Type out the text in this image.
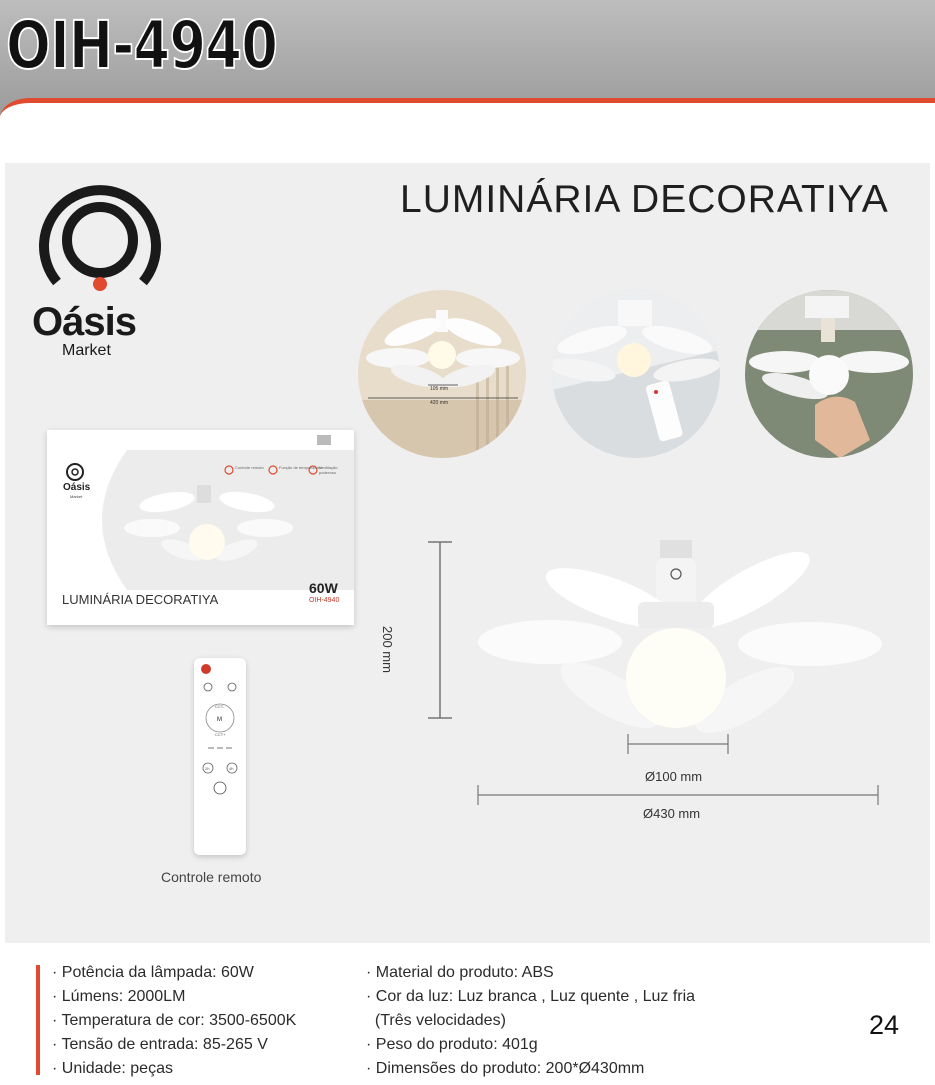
OIH-4940
LUMINÁRIA DECORATIYA
Oásis
Market
105 mm
420 mm
Oásis
Market
Controle remoto	Função de temporizador
Ventilação poderosa
LUMINÁRIA DECORATIYA
60W
OIH-4940
CCT-
M
CCT+
2h	4h
Controle remoto
200 mm
Ø100 mm
Ø430 mm
· Potência da lâmpada: 60W
· Lúmens: 2000LM
· Temperatura de cor: 3500-6500K
· Tensão de entrada: 85-265 V
· Unidade: peças
· Material do produto: ABS
· Cor da luz: Luz branca , Luz quente , Luz fria
(Três velocidades)
· Peso do produto: 401g
· Dimensões do produto: 200*Ø430mm
24
